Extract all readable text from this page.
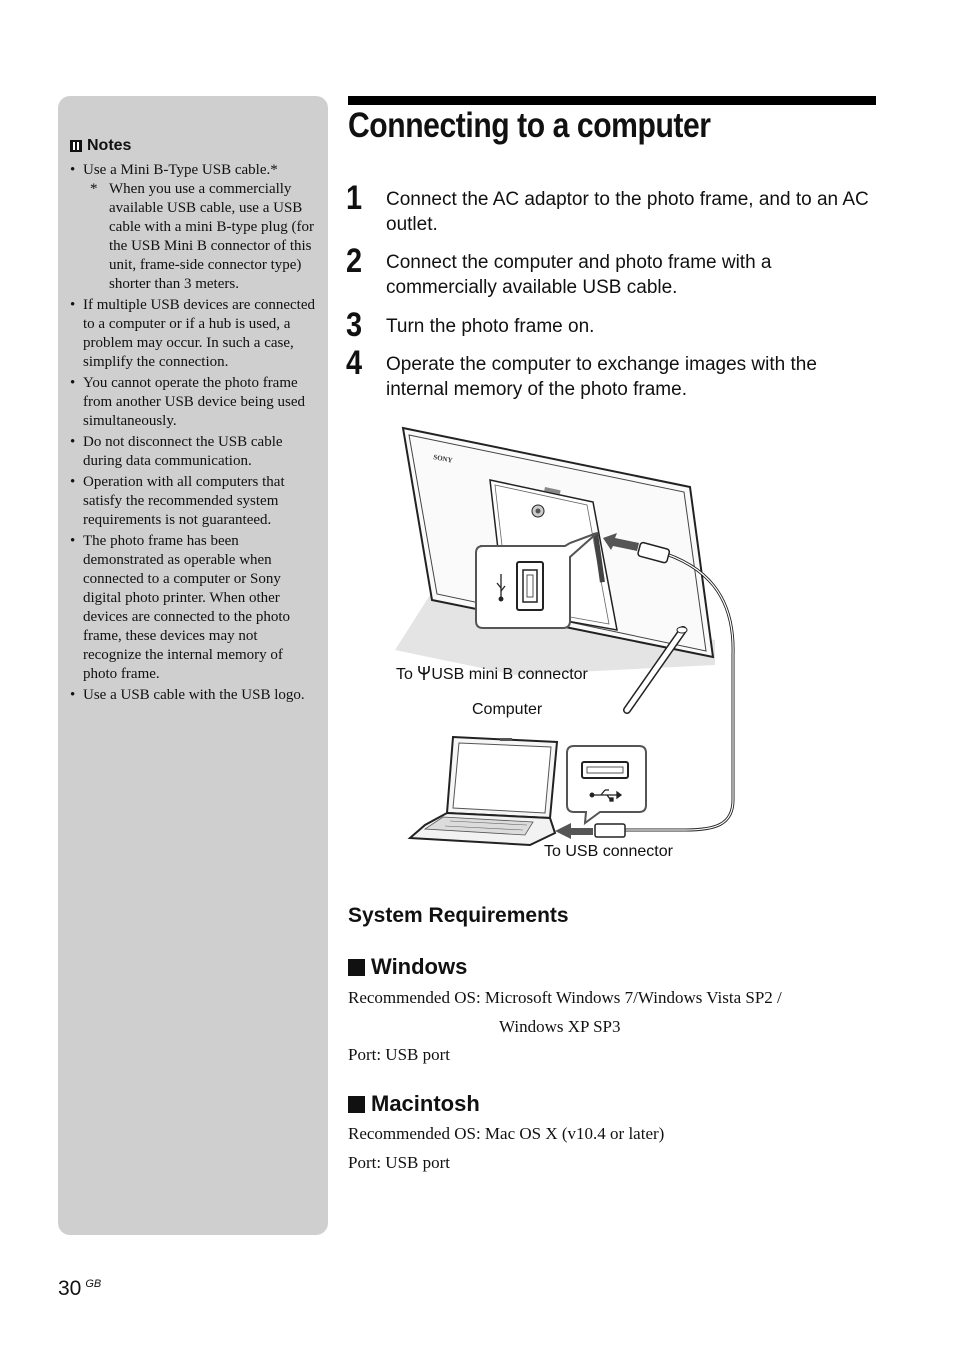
Notes
• Use a Mini B-Type USB cable.*
* When you use a commercially available USB cable, use a USB cable with a mini B-type plug (for the USB Mini B connector of this unit, frame-side connector type) shorter than 3 meters.
• If multiple USB devices are connected to a computer or if a hub is used, a problem may occur. In such a case, simplify the connection.
• You cannot operate the photo frame from another USB device being used simultaneously.
• Do not disconnect the USB cable during data communication.
• Operation with all computers that satisfy the recommended system requirements is not guaranteed.
• The photo frame has been demonstrated as operable when connected to a computer or Sony digital photo printer. When other devices are connected to the photo frame, these devices may not recognize the internal memory of photo frame.
• Use a USB cable with the USB logo.
Connecting to a computer
1 Connect the AC adaptor to the photo frame, and to an AC outlet.
2 Connect the computer and photo frame with a commercially available USB cable.
3 Turn the photo frame on.
4 Operate the computer to exchange images with the internal memory of the photo frame.
SONY
To USB mini B connector
Computer
To USB connector
System Requirements
Windows
Recommended OS: Microsoft Windows 7/Windows Vista SP2 /
Windows XP SP3
Port: USB port
Macintosh
Recommended OS: Mac OS X (v10.4 or later)
Port: USB port
30 $^{GB}$
